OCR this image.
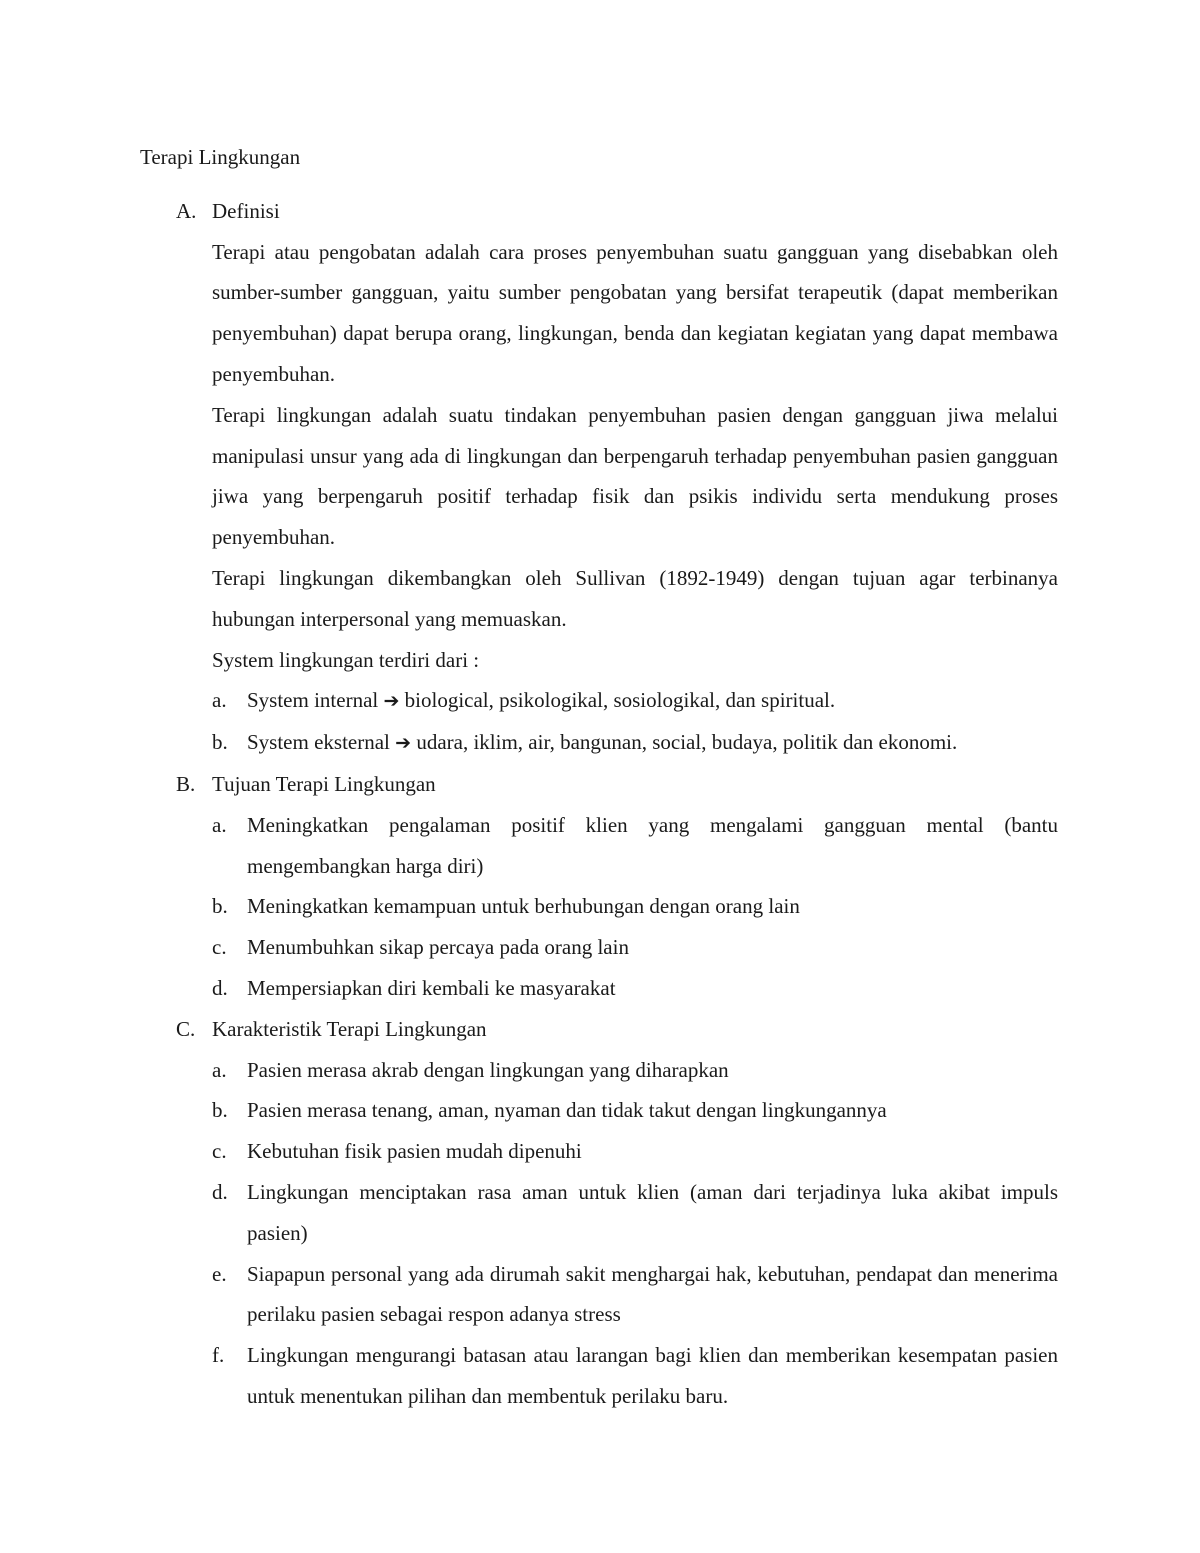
Terapi Lingkungan
A. Definisi
Terapi atau pengobatan adalah cara proses penyembuhan suatu gangguan yang disebabkan oleh sumber-sumber gangguan, yaitu sumber pengobatan yang bersifat terapeutik (dapat memberikan penyembuhan) dapat berupa orang, lingkungan, benda dan kegiatan kegiatan yang dapat membawa penyembuhan.
Terapi lingkungan adalah suatu tindakan penyembuhan pasien dengan gangguan jiwa melalui manipulasi unsur yang ada di lingkungan dan berpengaruh terhadap penyembuhan pasien gangguan jiwa yang berpengaruh positif terhadap fisik dan psikis individu serta mendukung proses penyembuhan.
Terapi lingkungan dikembangkan oleh Sullivan (1892-1949) dengan tujuan agar terbinanya hubungan interpersonal yang memuaskan.
System lingkungan terdiri dari :
a. System internal ➔ biological, psikologikal, sosiologikal, dan spiritual.
b. System eksternal ➔ udara, iklim, air, bangunan, social, budaya, politik dan ekonomi.
B. Tujuan Terapi Lingkungan
a. Meningkatkan pengalaman positif klien yang mengalami gangguan mental (bantu mengembangkan harga diri)
b. Meningkatkan kemampuan untuk berhubungan dengan orang lain
c. Menumbuhkan sikap percaya pada orang lain
d. Mempersiapkan diri kembali ke masyarakat
C. Karakteristik Terapi Lingkungan
a. Pasien merasa akrab dengan lingkungan yang diharapkan
b. Pasien merasa tenang, aman, nyaman dan tidak takut dengan lingkungannya
c. Kebutuhan fisik pasien mudah dipenuhi
d. Lingkungan menciptakan rasa aman untuk klien (aman dari terjadinya luka akibat impuls pasien)
e. Siapapun personal yang ada dirumah sakit menghargai hak, kebutuhan, pendapat dan menerima perilaku pasien sebagai respon adanya stress
f.	Lingkungan mengurangi batasan atau larangan bagi klien dan memberikan kesempatan pasien untuk menentukan pilihan dan membentuk perilaku baru.
